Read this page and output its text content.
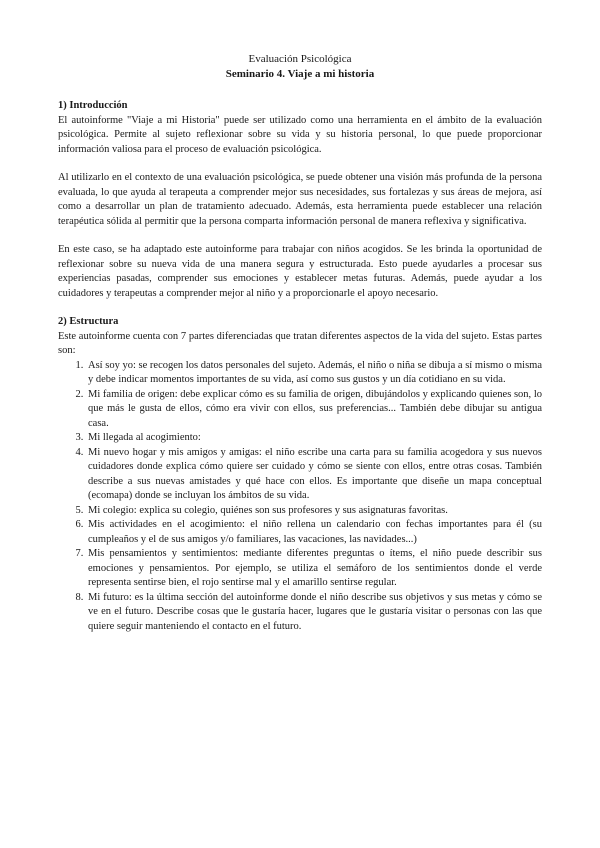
Evaluación Psicológica
Seminario 4. Viaje a mi historia
1) Introducción

El autoinforme "Viaje a mi Historia" puede ser utilizado como una herramienta en el ámbito de la evaluación psicológica. Permite al sujeto reflexionar sobre su vida y su historia personal, lo que puede proporcionar información valiosa para el proceso de evaluación psicológica.

Al utilizarlo en el contexto de una evaluación psicológica, se puede obtener una visión más profunda de la persona evaluada, lo que ayuda al terapeuta a comprender mejor sus necesidades, sus fortalezas y sus áreas de mejora, así como a desarrollar un plan de tratamiento adecuado. Además, esta herramienta puede establecer una relación terapéutica sólida al permitir que la persona comparta información personal de manera reflexiva y significativa.

En este caso, se ha adaptado este autoinforme para trabajar con niños acogidos. Se les brinda la oportunidad de reflexionar sobre su nueva vida de una manera segura y estructurada. Esto puede ayudarles a procesar sus experiencias pasadas, comprender sus emociones y establecer metas futuras. Además, puede ayudar a los cuidadores y terapeutas a comprender mejor al niño y a proporcionarle el apoyo necesario.

2) Estructura

Este autoinforme cuenta con 7 partes diferenciadas que tratan diferentes aspectos de la vida del sujeto. Estas partes son:

1. Así soy yo: se recogen los datos personales del sujeto. Además, el niño o niña se dibuja a sí mismo o misma y debe indicar momentos importantes de su vida, así como sus gustos y un día cotidiano en su vida.
2. Mi familia de origen: debe explicar cómo es su familia de origen, dibujándolos y explicando quienes son, lo que más le gusta de ellos, cómo era vivir con ellos, sus preferencias... También debe dibujar su antigua casa.
3. Mi llegada al acogimiento:
4. Mi nuevo hogar y mis amigos y amigas: el niño escribe una carta para su familia acogedora y sus nuevos cuidadores donde explica cómo quiere ser cuidado y cómo se siente con ellos, entre otras cosas. También describe a sus nuevas amistades y qué hace con ellos. Es importante que diseñe un mapa conceptual (ecomapa) donde se incluyan los ámbitos de su vida.
5. Mi colegio: explica su colegio, quiénes son sus profesores y sus asignaturas favoritas.
6. Mis actividades en el acogimiento: el niño rellena un calendario con fechas importantes para él (su cumpleaños y el de sus amigos y/o familiares, las vacaciones, las navidades...)
7. Mis pensamientos y sentimientos: mediante diferentes preguntas o ítems, el niño puede describir sus emociones y pensamientos. Por ejemplo, se utiliza el semáforo de los sentimientos donde el verde representa sentirse bien, el rojo sentirse mal y el amarillo sentirse regular.
8. Mi futuro: es la última sección del autoinforme donde el niño describe sus objetivos y sus metas y cómo se ve en el futuro. Describe cosas que le gustaría hacer, lugares que le gustaría visitar o personas con las que quiere seguir manteniendo el contacto en el futuro.
